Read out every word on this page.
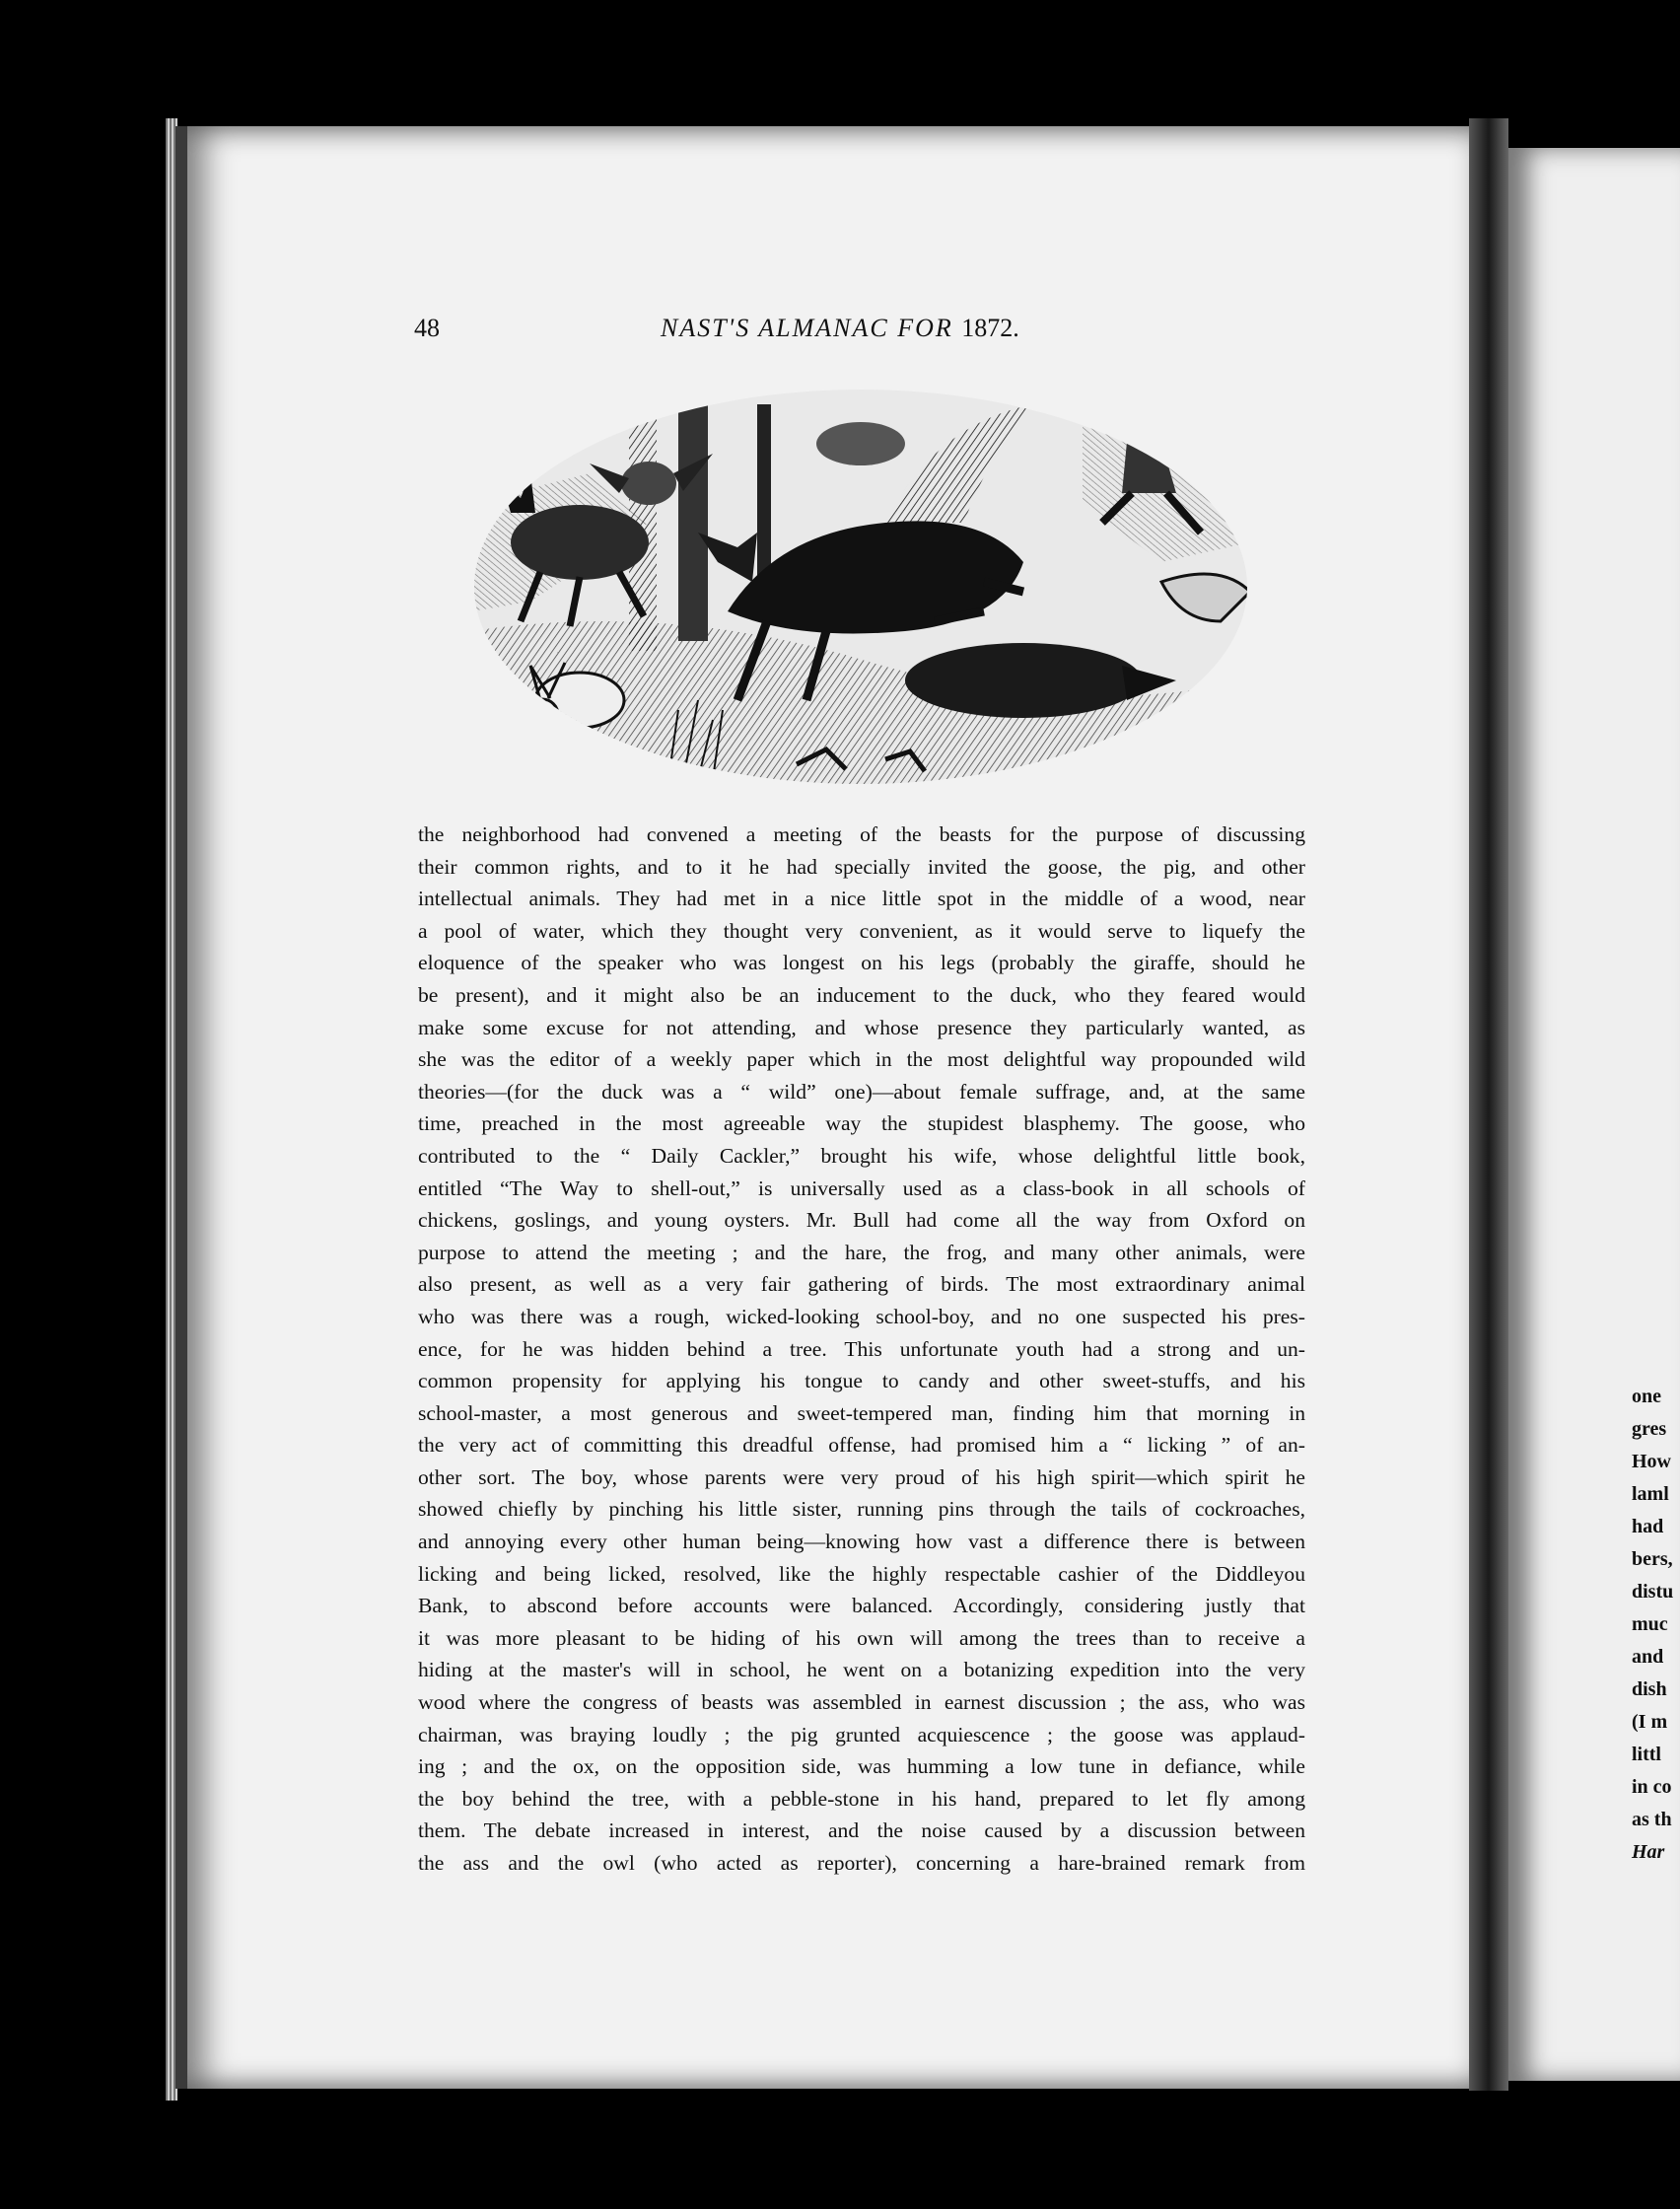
one
gres
How
laml
had
bers,
distu
muc
and
dish
(I m
littl
in co
as th
Har
48	NAST'S ALMANAC FOR 1872.
the neighborhood had convened a meeting of the beasts for the purpose of discussing
their common rights, and to it he had specially invited the goose, the pig, and other
intellectual animals. They had met in a nice little spot in the middle of a wood, near
a pool of water, which they thought very convenient, as it would serve to liquefy the
eloquence of the speaker who was longest on his legs (probably the giraffe, should he
be present), and it might also be an inducement to the duck, who they feared would
make some excuse for not attending, and whose presence they particularly wanted, as
she was the editor of a weekly paper which in the most delightful way propounded wild
theories—(for the duck was a “ wild” one)—about female suffrage, and, at the same
time, preached in the most agreeable way the stupidest blasphemy. The goose, who
contributed to the “ Daily Cackler,” brought his wife, whose delightful little book,
entitled “The Way to shell-out,” is universally used as a class-book in all schools of
chickens, goslings, and young oysters. Mr. Bull had come all the way from Oxford on
purpose to attend the meeting ; and the hare, the frog, and many other animals, were
also present, as well as a very fair gathering of birds. The most extraordinary animal
who was there was a rough, wicked-looking school-boy, and no one suspected his pres-
ence, for he was hidden behind a tree. This unfortunate youth had a strong and un-
common propensity for applying his tongue to candy and other sweet-stuffs, and his
school-master, a most generous and sweet-tempered man, finding him that morning in
the very act of committing this dreadful offense, had promised him a “ licking ” of an-
other sort. The boy, whose parents were very proud of his high spirit—which spirit he
showed chiefly by pinching his little sister, running pins through the tails of cockroaches,
and annoying every other human being—knowing how vast a difference there is between
licking and being licked, resolved, like the highly respectable cashier of the Diddleyou
Bank, to abscond before accounts were balanced. Accordingly, considering justly that
it was more pleasant to be hiding of his own will among the trees than to receive a
hiding at the master's will in school, he went on a botanizing expedition into the very
wood where the congress of beasts was assembled in earnest discussion ; the ass, who was
chairman, was braying loudly ; the pig grunted acquiescence ; the goose was applaud-
ing ; and the ox, on the opposition side, was humming a low tune in defiance, while
the boy behind the tree, with a pebble-stone in his hand, prepared to let fly among
them. The debate increased in interest, and the noise caused by a discussion between
the ass and the owl (who acted as reporter), concerning a hare-brained remark from
